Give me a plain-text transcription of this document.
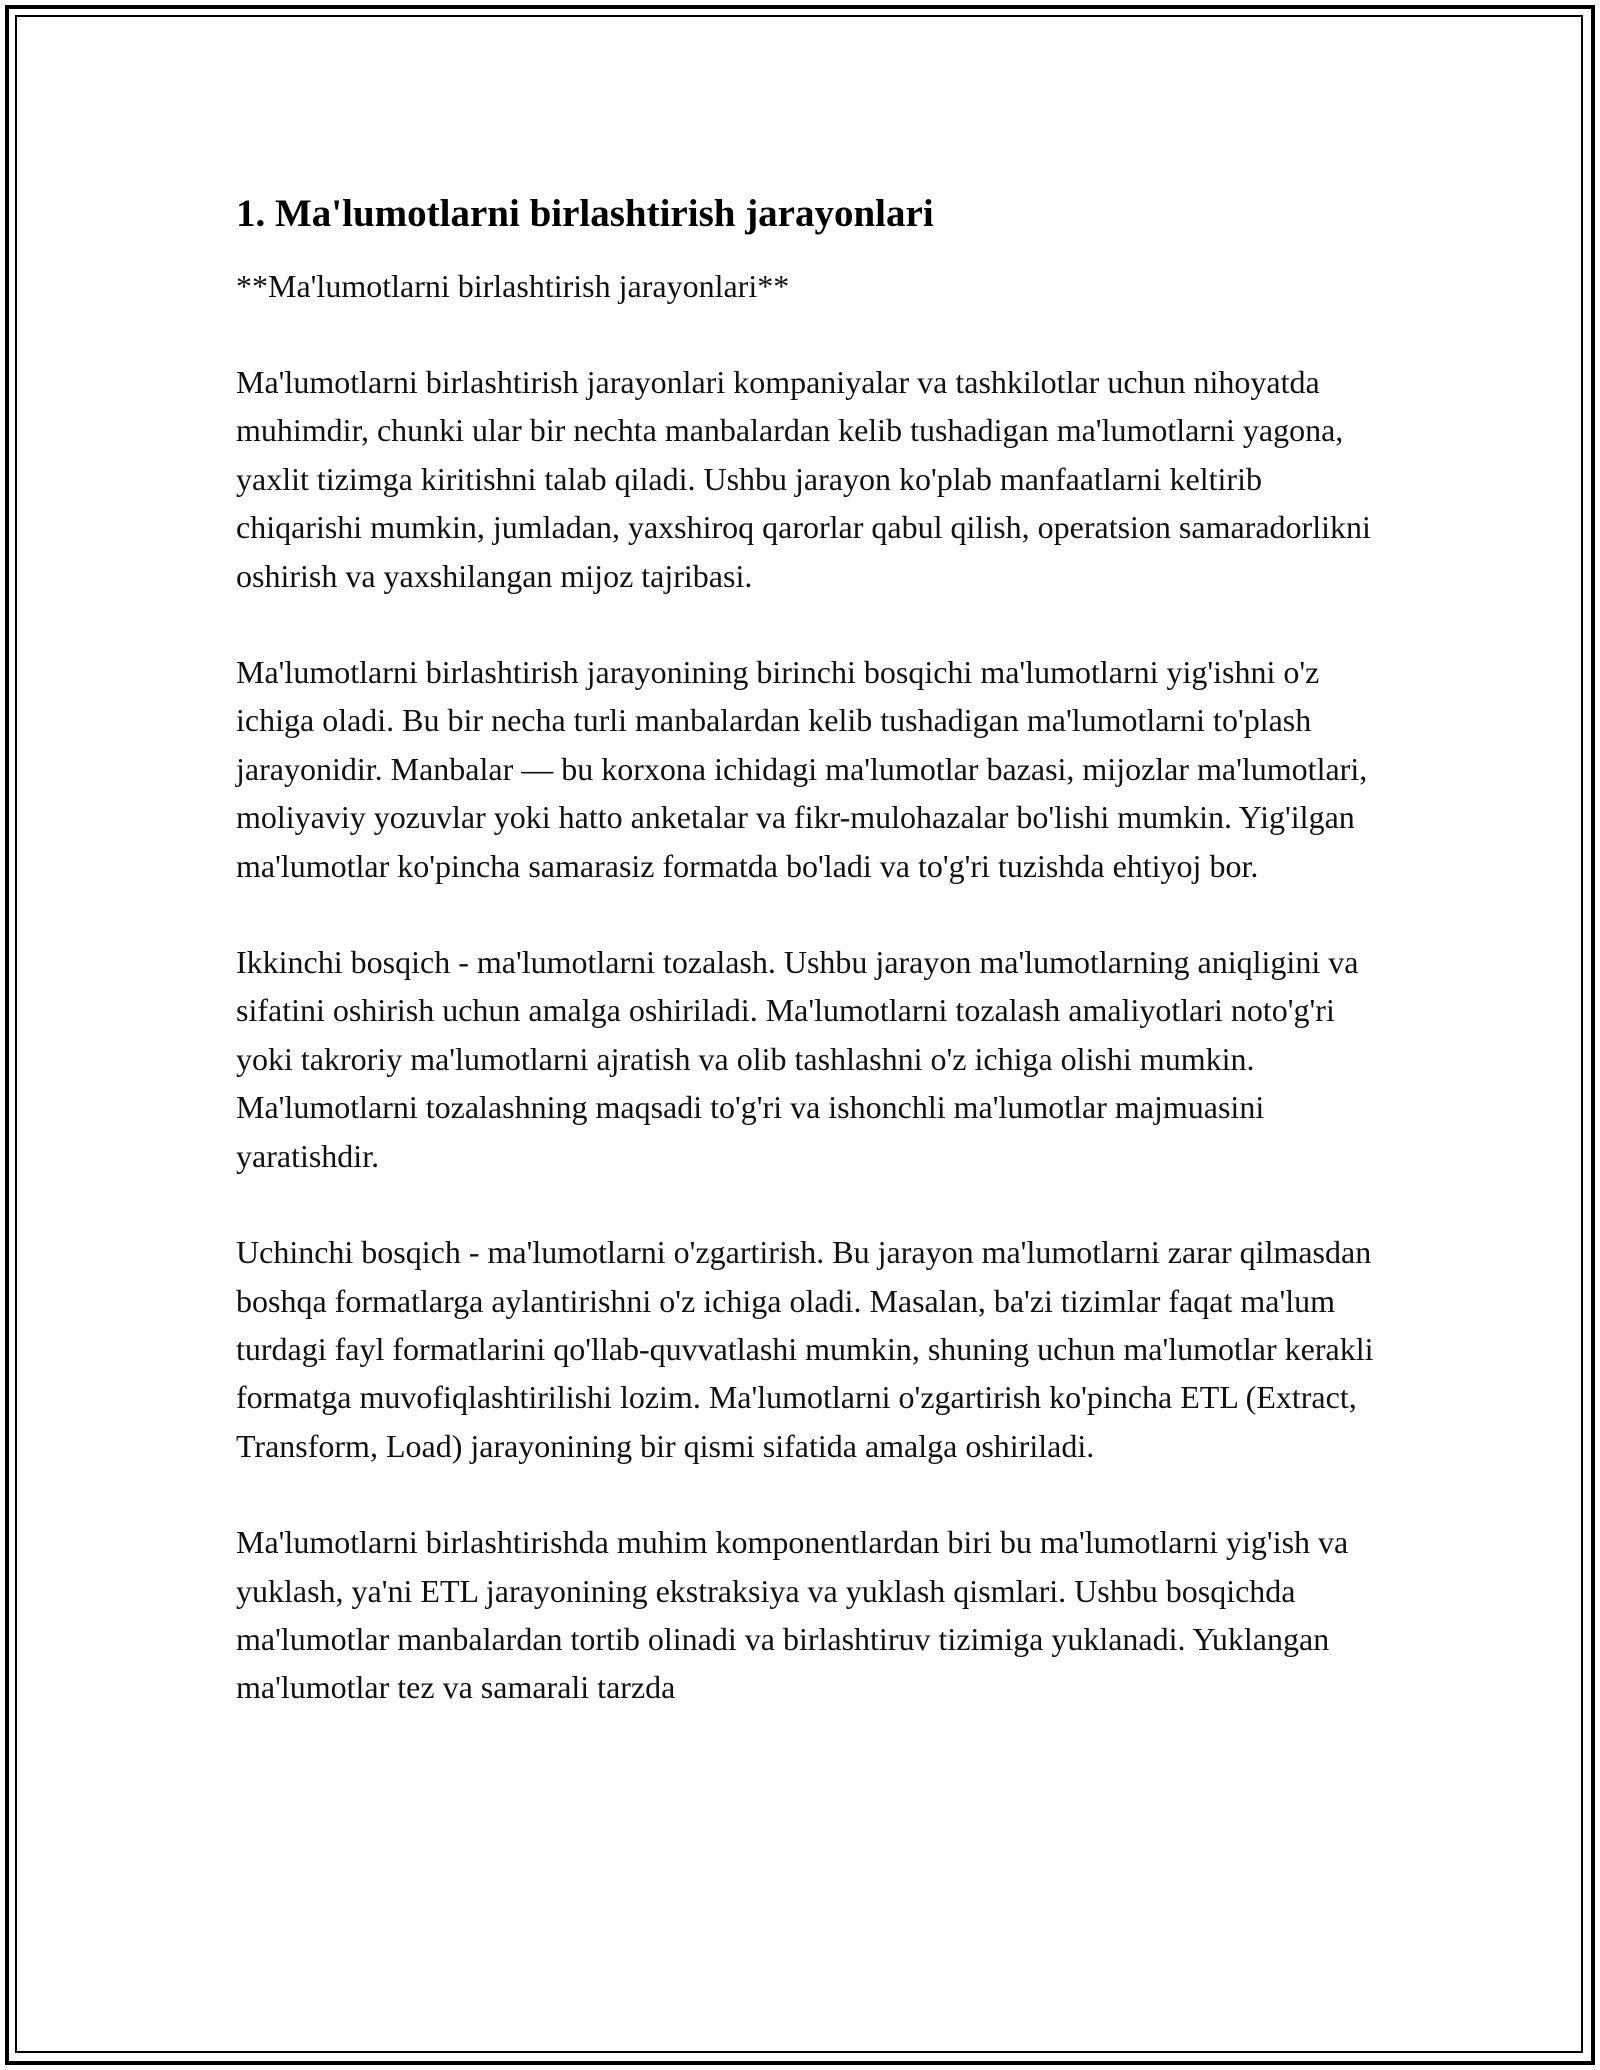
1. Ma'lumotlarni birlashtirish jarayonlari

**Ma'lumotlarni birlashtirish jarayonlari**

Ma'lumotlarni birlashtirish jarayonlari kompaniyalar va tashkilotlar uchun nihoyatda muhimdir, chunki ular bir nechta manbalardan kelib tushadigan ma'lumotlarni yagona, yaxlit tizimga kiritishni talab qiladi. Ushbu jarayon ko'plab manfaatlarni keltirib chiqarishi mumkin, jumladan, yaxshiroq qarorlar qabul qilish, operatsion samaradorlikni oshirish va yaxshilangan mijoz tajribasi.

Ma'lumotlarni birlashtirish jarayonining birinchi bosqichi ma'lumotlarni yig'ishni o'z ichiga oladi. Bu bir necha turli manbalardan kelib tushadigan ma'lumotlarni to'plash jarayonidir. Manbalar — bu korxona ichidagi ma'lumotlar bazasi, mijozlar ma'lumotlari, moliyaviy yozuvlar yoki hatto anketalar va fikr-mulohazalar bo'lishi mumkin. Yig'ilgan ma'lumotlar ko'pincha samarasiz formatda bo'ladi va to'g'ri tuzishda ehtiyoj bor.

Ikkinchi bosqich - ma'lumotlarni tozalash. Ushbu jarayon ma'lumotlarning aniqligini va sifatini oshirish uchun amalga oshiriladi. Ma'lumotlarni tozalash amaliyotlari noto'g'ri yoki takroriy ma'lumotlarni ajratish va olib tashlashni o'z ichiga olishi mumkin. Ma'lumotlarni tozalashning maqsadi to'g'ri va ishonchli ma'lumotlar majmuasini yaratishdir.

Uchinchi bosqich - ma'lumotlarni o'zgartirish. Bu jarayon ma'lumotlarni zarar qilmasdan boshqa formatlarga aylantirishni o'z ichiga oladi. Masalan, ba'zi tizimlar faqat ma'lum turdagi fayl formatlarini qo'llab-quvvatlashi mumkin, shuning uchun ma'lumotlar kerakli formatga muvofiqlashtirilishi lozim. Ma'lumotlarni o'zgartirish ko'pincha ETL (Extract, Transform, Load) jarayonining bir qismi sifatida amalga oshiriladi.

Ma'lumotlarni birlashtirishda muhim komponentlardan biri bu ma'lumotlarni yig'ish va yuklash, ya'ni ETL jarayonining ekstraksiya va yuklash qismlari. Ushbu bosqichda ma'lumotlar manbalardan tortib olinadi va birlashtiruv tizimiga yuklanadi. Yuklangan ma'lumotlar tez va samarali tarzda
